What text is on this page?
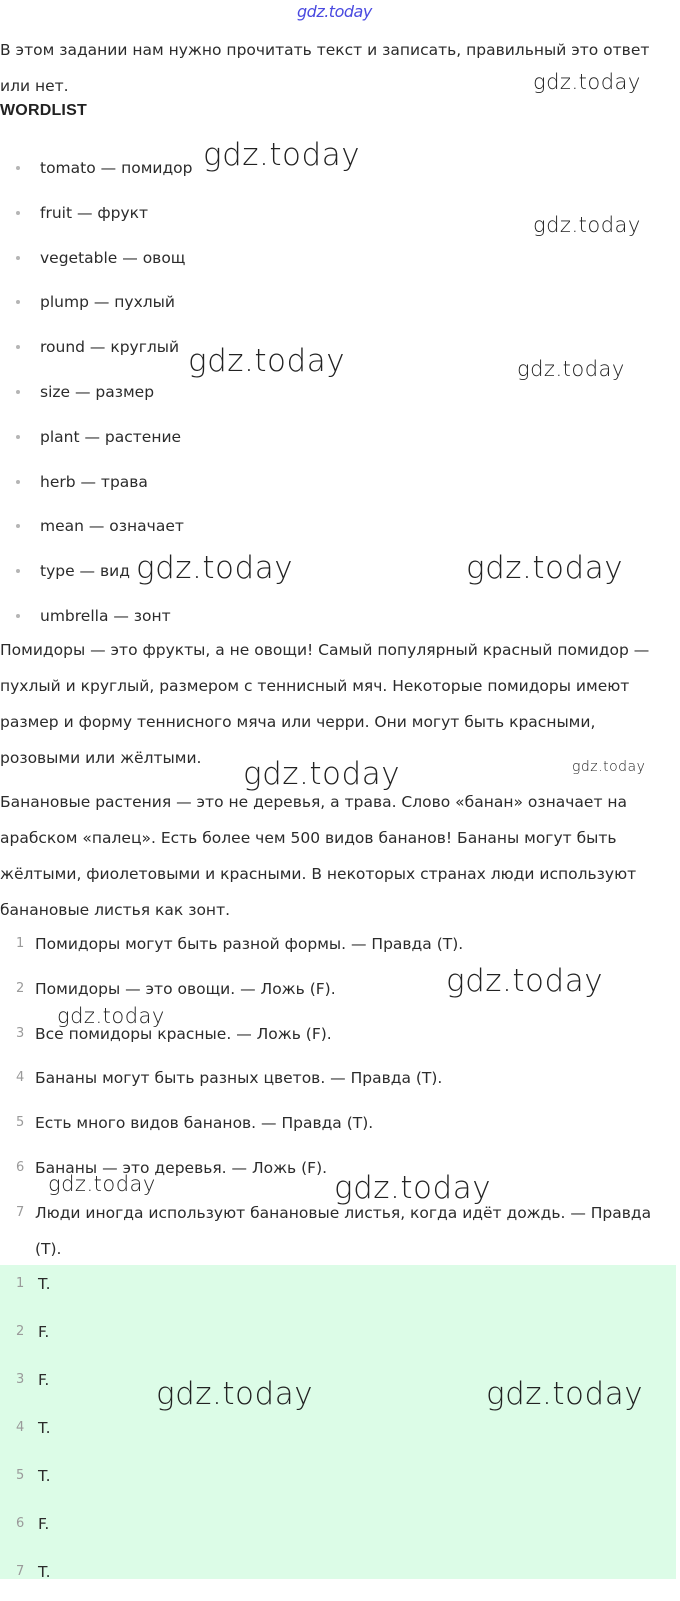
gdz.today

В этом задании нам нужно прочитать текст и записать, правильный это ответ или нет.

WORDLIST
tomato — помидор
fruit — фрукт
vegetable — овощ
plump — пухлый
round — круглый
size — размер
plant — растение
herb — трава
mean — означает
type — вид
umbrella — зонт

Помидоры — это фрукты, а не овощи! Самый популярный красный помидор — пухлый и круглый, размером с теннисный мяч. Некоторые помидоры имеют размер и форму теннисного мяча или черри. Они могут быть красными, розовыми или жёлтыми.

Банановые растения — это не деревья, а трава. Слово «банан» означает на арабском «палец». Есть более чем 500 видов бананов! Бананы могут быть жёлтыми, фиолетовыми и красными. В некоторых странах люди используют банановые листья как зонт.

1 Помидоры могут быть разной формы. — Правда (T).
2 Помидоры — это овощи. — Ложь (F).
3 Все помидоры красные. — Ложь (F).
4 Бананы могут быть разных цветов. — Правда (T).
5 Есть много видов бананов. — Правда (T).
6 Бананы — это деревья. — Ложь (F).
7 Люди иногда используют банановые листья, когда идёт дождь. — Правда (T).
1 T.
2 F.
3 F.
4 T.
5 T.
6 F.
7 T.
gdz.today
gdz.today
gdz.today
gdz.today	gdz.today
gdz.today	gdz.today
gdz.today	gdz.today
gdz.today
gdz.today
gdz.today	gdz.today
gdz.today	gdz.today
